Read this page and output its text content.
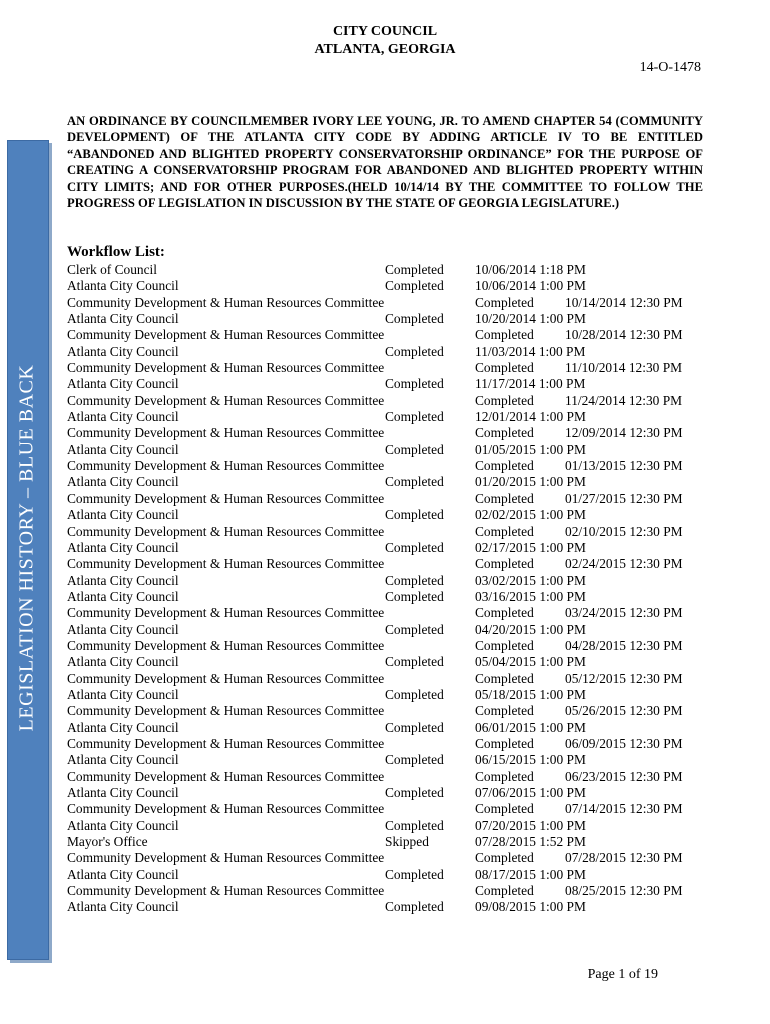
LEGISLATION HISTORY – BLUE BACK
CITY COUNCIL
ATLANTA, GEORGIA
14-O-1478
AN ORDINANCE BY COUNCILMEMBER IVORY LEE YOUNG, JR. TO AMEND CHAPTER 54 (COMMUNITY DEVELOPMENT) OF THE ATLANTA CITY CODE BY ADDING ARTICLE IV TO BE ENTITLED “ABANDONED AND BLIGHTED PROPERTY CONSERVATORSHIP ORDINANCE” FOR THE PURPOSE OF CREATING A CONSERVATORSHIP PROGRAM FOR ABANDONED AND BLIGHTED PROPERTY WITHIN CITY LIMITS; AND FOR OTHER PURPOSES.(HELD 10/14/14 BY THE COMMITTEE TO FOLLOW THE PROGRESS OF LEGISLATION IN DISCUSSION BY THE STATE OF GEORGIA LEGISLATURE.)
Workflow List:
Clerk of Council	Completed 10/06/2014 1:18 PM
Atlanta City Council	Completed 10/06/2014 1:00 PM
Community Development & Human Resources Committee	Completed 10/14/2014 12:30 PM
Atlanta City Council	Completed 10/20/2014 1:00 PM
Community Development & Human Resources Committee	Completed 10/28/2014 12:30 PM
Atlanta City Council	Completed 11/03/2014 1:00 PM
Community Development & Human Resources Committee	Completed 11/10/2014 12:30 PM
Atlanta City Council	Completed 11/17/2014 1:00 PM
Community Development & Human Resources Committee	Completed 11/24/2014 12:30 PM
Atlanta City Council	Completed 12/01/2014 1:00 PM
Community Development & Human Resources Committee	Completed 12/09/2014 12:30 PM
Atlanta City Council	Completed 01/05/2015 1:00 PM
Community Development & Human Resources Committee	Completed 01/13/2015 12:30 PM
Atlanta City Council	Completed 01/20/2015 1:00 PM
Community Development & Human Resources Committee	Completed 01/27/2015 12:30 PM
Atlanta City Council	Completed 02/02/2015 1:00 PM
Community Development & Human Resources Committee	Completed 02/10/2015 12:30 PM
Atlanta City Council	Completed 02/17/2015 1:00 PM
Community Development & Human Resources Committee	Completed 02/24/2015 12:30 PM
Atlanta City Council	Completed 03/02/2015 1:00 PM
Atlanta City Council	Completed 03/16/2015 1:00 PM
Community Development & Human Resources Committee	Completed 03/24/2015 12:30 PM
Atlanta City Council	Completed 04/20/2015 1:00 PM
Community Development & Human Resources Committee	Completed 04/28/2015 12:30 PM
Atlanta City Council	Completed 05/04/2015 1:00 PM
Community Development & Human Resources Committee	Completed 05/12/2015 12:30 PM
Atlanta City Council	Completed 05/18/2015 1:00 PM
Community Development & Human Resources Committee	Completed 05/26/2015 12:30 PM
Atlanta City Council	Completed 06/01/2015 1:00 PM
Community Development & Human Resources Committee	Completed 06/09/2015 12:30 PM
Atlanta City Council	Completed 06/15/2015 1:00 PM
Community Development & Human Resources Committee	Completed 06/23/2015 12:30 PM
Atlanta City Council	Completed 07/06/2015 1:00 PM
Community Development & Human Resources Committee	Completed 07/14/2015 12:30 PM
Atlanta City Council	Completed 07/20/2015 1:00 PM
Mayor's Office	Skipped	07/28/2015 1:52 PM
Community Development & Human Resources Committee	Completed 07/28/2015 12:30 PM
Atlanta City Council	Completed 08/17/2015 1:00 PM
Community Development & Human Resources Committee	Completed 08/25/2015 12:30 PM
Atlanta City Council	Completed 09/08/2015 1:00 PM
Page 1 of 19
